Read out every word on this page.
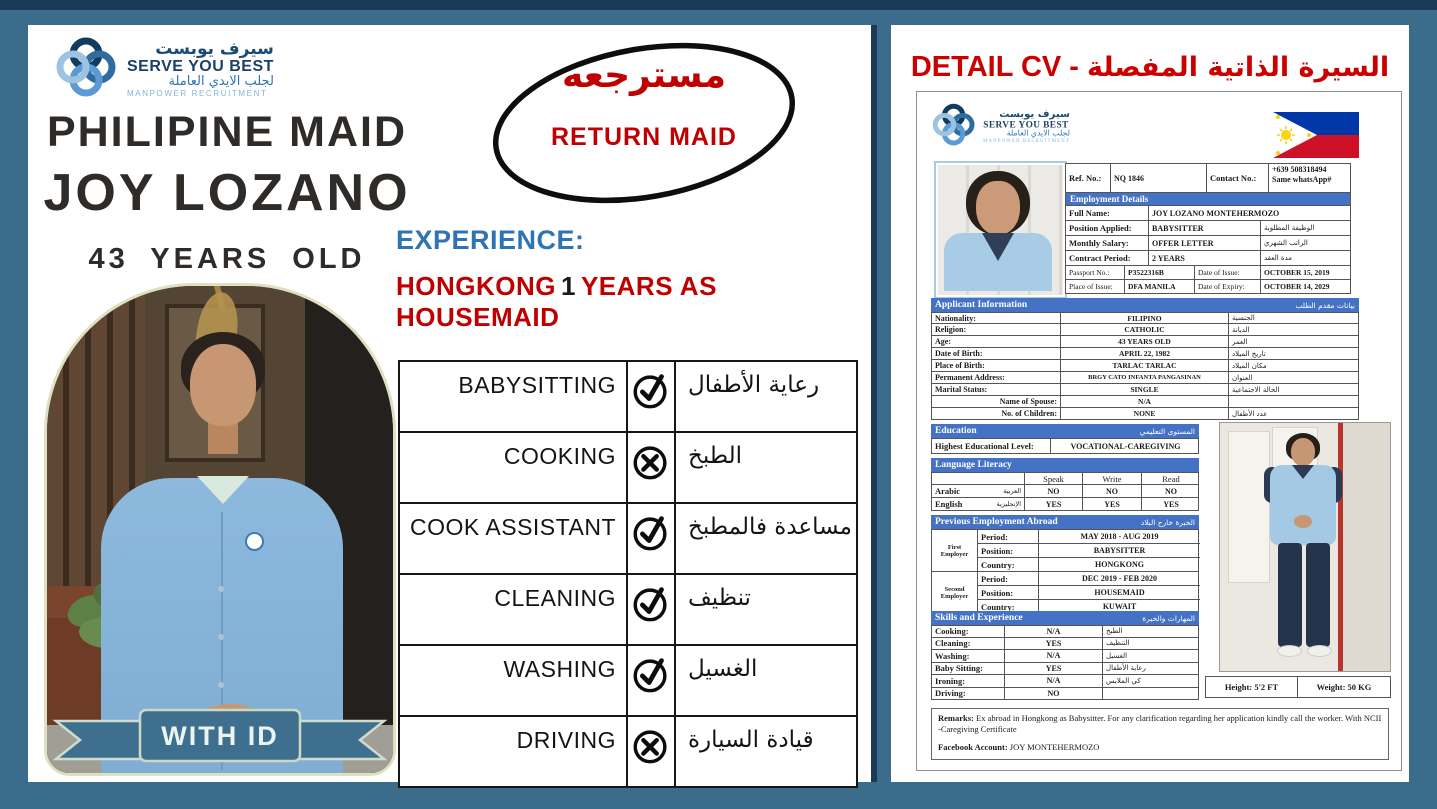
سيرف يوبست
SERVE YOU BEST
لجلب الايدي العاملة
MANPOWER RECRUITMENT
PHILIPINE MAID
JOY LOZANO
43 YEARS OLD
WITH ID
مسترجعه
RETURN MAID
EXPERIENCE:
HONGKONG 1 YEARS AS HOUSEMAID
BABYSITTING	رعاية الأطفال
COOKING	الطبخ
COOK ASSISTANT	مساعدة فالمطبخ
CLEANING	تنظيف
WASHING	الغسيل
DRIVING	قيادة السيارة
DETAIL CV - السيرة الذاتية المفصلة
سيرف يوبست
SERVE YOU BEST
لجلب الايدي العاملة
MANPOWER RECRUITMENT
Ref. No.:	NQ 1846	Contact No.:
+639 508318494
Same whatsApp#
Employment Details
Full Name:	JOY LOZANO MONTEHERMOZO
Position Applied:	BABYSITTER	الوظيفة المطلوبة
Monthly Salary:	OFFER LETTER	الراتب الشهري
Contract Period:	2 YEARS	مدة العقد
Passport No.:	P3522316B	Date of Issue:	OCTOBER 15, 2019
Place of Issue:	DFA MANILA	Date of Expiry:	OCTOBER 14, 2029
Applicant Information	بيانات مقدم الطلب
Nationality:	FILIPINO	الجنسية
Religion:	CATHOLIC	الديانة
Age:	43 YEARS OLD	العمر
Date of Birth:	APRIL 22, 1982	تاريخ الميلاد
Place of Birth:	TARLAC TARLAC	مكان الميلاد
Permanent Address:	BRGY CATO INFANTA PANGASINAN	العنوان
Marital Status:	SINGLE	الحالة الاجتماعية
Name of Spouse:	N/A
No. of Children:	NONE	عدد الأطفال
Education	المستوى التعليمي
Highest Educational Level:	VOCATIONAL-CAREGIVING
Language Literacy
Speak	Write	Read
Arabic	العربية	NO	NO	NO
English	الإنجليزية	YES	YES	YES
Previous Employment Abroad	الخبرة خارج البلاد
First Employer
Period:	MAY 2018 - AUG 2019
Position:	BABYSITTER
Country:	HONGKONG
Second Employer
Period:	DEC 2019 - FEB 2020
Position:	HOUSEMAID
Country:	KUWAIT
Skills and Experience	المهارات والخبرة
Cooking:	N/A	الطبخ
Cleaning:	YES	التنظيف
Washing:	N/A	الغسيل
Baby Sitting:	YES	رعاية الأطفال
Ironing:	N/A	كي الملابس
Driving:	NO
Height: 5'2 FT	Weight: 50 KG
Remarks: Ex abroad in Hongkong as Babysitter. For any clarification regarding her application kindly call the worker. With NCII -Caregiving Certificate
Facebook Account: JOY MONTEHERMOZO
